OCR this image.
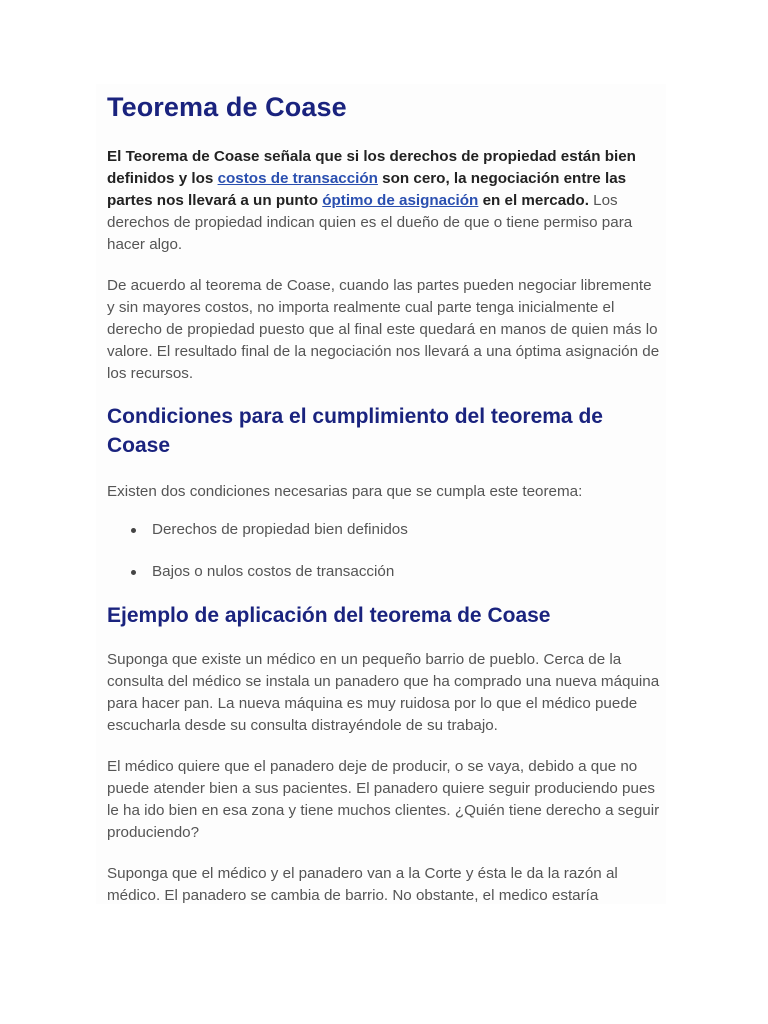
Teorema de Coase

El Teorema de Coase señala que si los derechos de propiedad están bien definidos y los costos de transacción son cero, la negociación entre las partes nos llevará a un punto óptimo de asignación en el mercado. Los derechos de propiedad indican quien es el dueño de que o tiene permiso para hacer algo.

De acuerdo al teorema de Coase, cuando las partes pueden negociar libremente y sin mayores costos, no importa realmente cual parte tenga inicialmente el derecho de propiedad puesto que al final este quedará en manos de quien más lo valore. El resultado final de la negociación nos llevará a una óptima asignación de los recursos.

Condiciones para el cumplimiento del teorema de Coase

Existen dos condiciones necesarias para que se cumpla este teorema:

Derechos de propiedad bien definidos
Bajos o nulos costos de transacción
Ejemplo de aplicación del teorema de Coase

Suponga que existe un médico en un pequeño barrio de pueblo. Cerca de la consulta del médico se instala un panadero que ha comprado una nueva máquina para hacer pan. La nueva máquina es muy ruidosa por lo que el médico puede escucharla desde su consulta distrayéndole de su trabajo.

El médico quiere que el panadero deje de producir, o se vaya, debido a que no puede atender bien a sus pacientes. El panadero quiere seguir produciendo pues le ha ido bien en esa zona y tiene muchos clientes. ¿Quién tiene derecho a seguir produciendo?

Suponga que el médico y el panadero van a la Corte y ésta le da la razón al médico. El panadero se cambia de barrio. No obstante, el medico estaría
